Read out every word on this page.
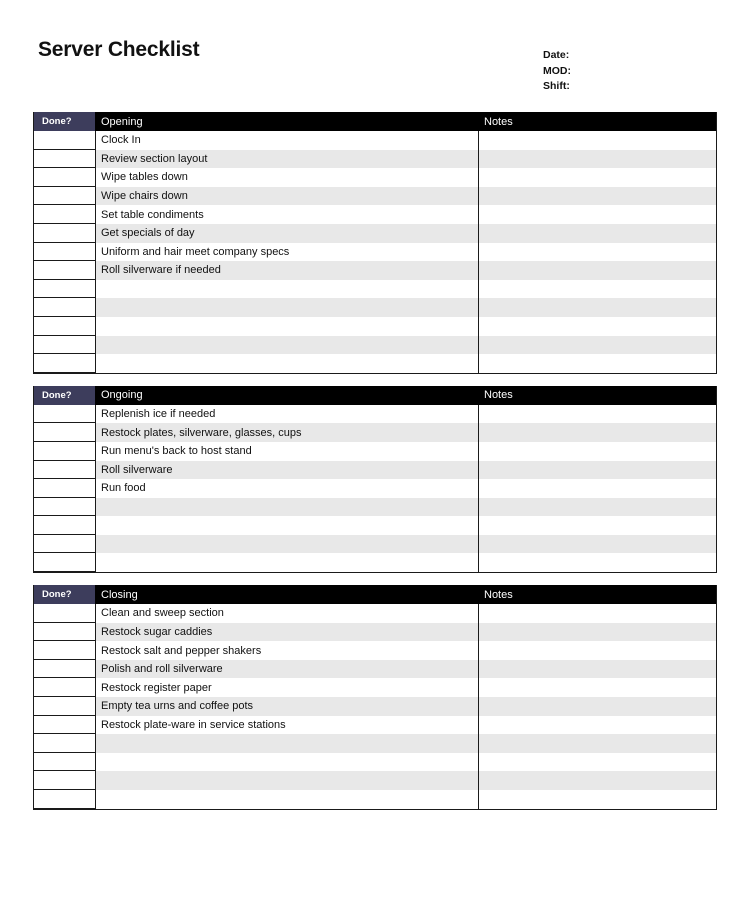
Server Checklist	Date:
MOD:
Shift:
Done?	Opening	Notes
Clock In
Review section layout
Wipe tables down
Wipe chairs down
Set table condiments
Get specials of day
Uniform and hair meet company specs
Roll silverware if needed
Done?	Ongoing	Notes
Replenish ice if needed
Restock plates, silverware, glasses, cups
Run menu's back to host stand
Roll silverware
Run food
Done?	Closing	Notes
Clean and sweep section
Restock sugar caddies
Restock salt and pepper shakers
Polish and roll silverware
Restock register paper
Empty tea urns and coffee pots
Restock plate-ware in service stations
